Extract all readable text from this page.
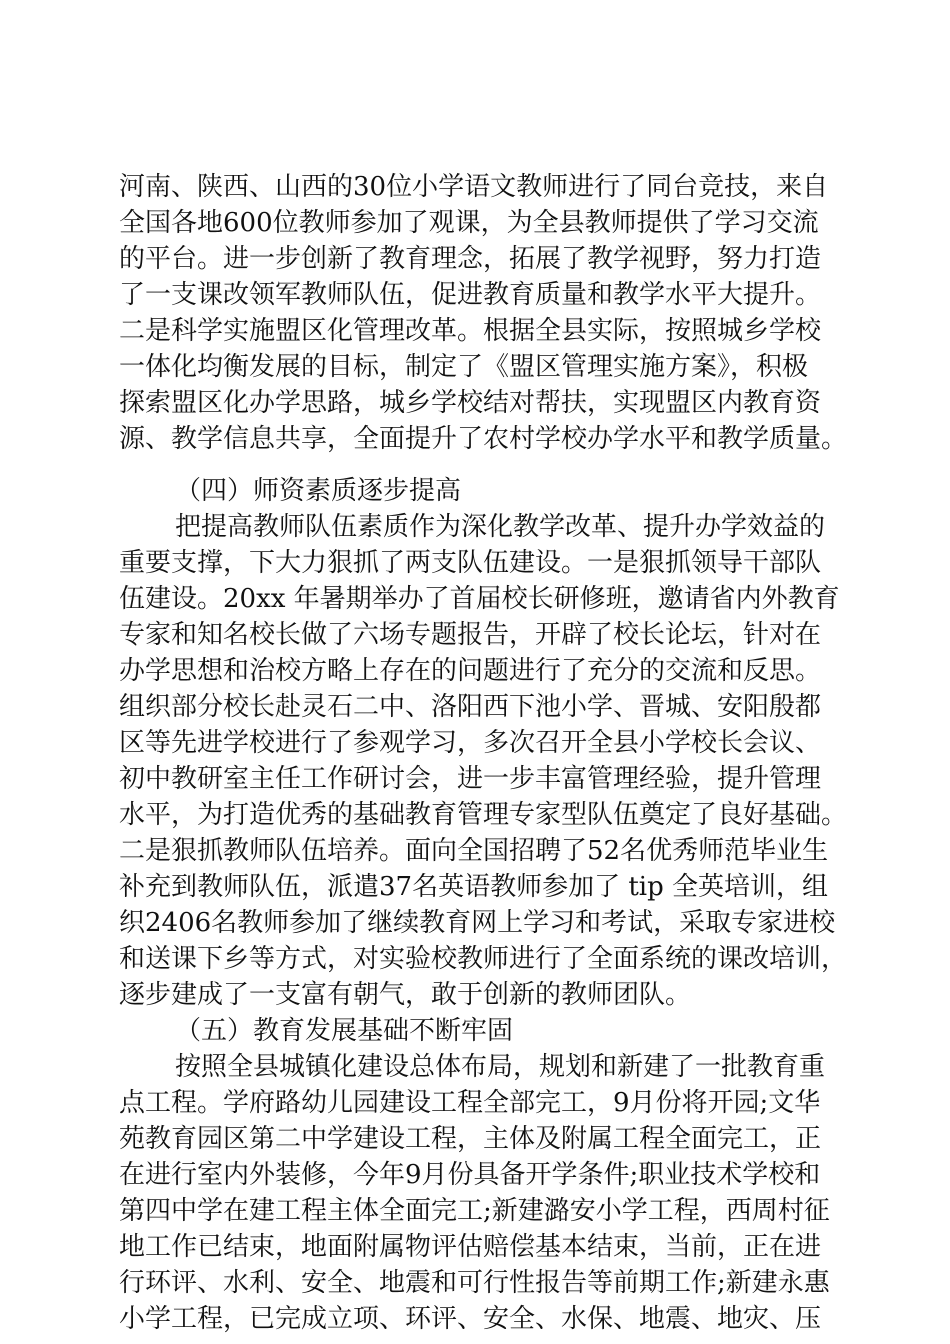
河南、陕西、山西的30位小学语文教师进行了同台竞技，来自
全国各地600位教师参加了观课，为全县教师提供了学习交流
的平台。进一步创新了教育理念，拓展了教学视野，努力打造
了一支课改领军教师队伍，促进教育质量和教学水平大提升。
二是科学实施盟区化管理改革。根据全县实际，按照城乡学校
一体化均衡发展的目标，制定了《盟区管理实施方案》，积极
探索盟区化办学思路，城乡学校结对帮扶，实现盟区内教育资
源、教学信息共享，全面提升了农村学校办学水平和教学质量。
（四）师资素质逐步提高
把提高教师队伍素质作为深化教学改革、提升办学效益的
重要支撑，下大力狠抓了两支队伍建设。一是狠抓领导干部队
伍建设。20xx 年暑期举办了首届校长研修班，邀请省内外教育
专家和知名校长做了六场专题报告，开辟了校长论坛，针对在
办学思想和治校方略上存在的问题进行了充分的交流和反思。
组织部分校长赴灵石二中、洛阳西下池小学、晋城、安阳殷都
区等先进学校进行了参观学习，多次召开全县小学校长会议、
初中教研室主任工作研讨会，进一步丰富管理经验，提升管理
水平，为打造优秀的基础教育管理专家型队伍奠定了良好基础。
二是狠抓教师队伍培养。面向全国招聘了52名优秀师范毕业生
补充到教师队伍，派遣37名英语教师参加了 tip 全英培训，组
织2406名教师参加了继续教育网上学习和考试，采取专家进校
和送课下乡等方式，对实验校教师进行了全面系统的课改培训，
逐步建成了一支富有朝气，敢于创新的教师团队。
（五）教育发展基础不断牢固
按照全县城镇化建设总体布局，规划和新建了一批教育重
点工程。学府路幼儿园建设工程全部完工，9月份将开园;文华
苑教育园区第二中学建设工程，主体及附属工程全面完工，正
在进行室内外装修，今年9月份具备开学条件;职业技术学校和
第四中学在建工程主体全面完工;新建潞安小学工程，西周村征
地工作已结束，地面附属物评估赔偿基本结束，当前，正在进
行环评、水利、安全、地震和可行性报告等前期工作;新建永惠
小学工程，已完成立项、环评、安全、水保、地震、地灾、压
